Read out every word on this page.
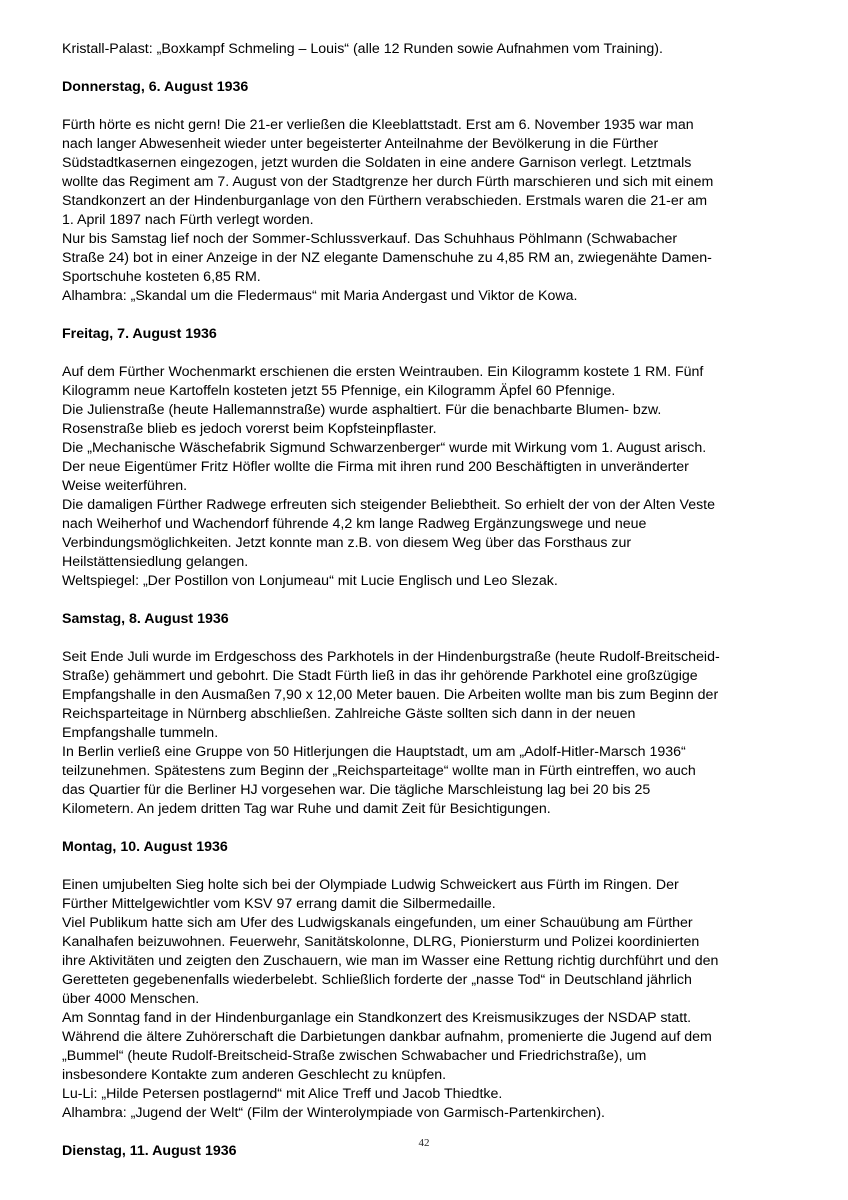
Kristall-Palast: „Boxkampf Schmeling – Louis“ (alle 12 Runden sowie Aufnahmen vom Training).

Donnerstag, 6. August 1936

Fürth hörte es nicht gern! Die 21-er verließen die Kleeblattstadt. Erst am 6. November 1935 war man
nach langer Abwesenheit wieder unter begeisterter Anteilnahme der Bevölkerung in die Fürther
Südstadtkasernen eingezogen, jetzt wurden die Soldaten in eine andere Garnison verlegt. Letztmals
wollte das Regiment am 7. August von der Stadtgrenze her durch Fürth marschieren und sich mit einem
Standkonzert an der Hindenburganlage von den Fürthern verabschieden. Erstmals waren die 21-er am
1. April 1897 nach Fürth verlegt worden.
Nur bis Samstag lief noch der Sommer-Schlussverkauf. Das Schuhhaus Pöhlmann (Schwabacher
Straße 24) bot in einer Anzeige in der NZ elegante Damenschuhe zu 4,85 RM an, zwiegenähte Damen-
Sportschuhe kosteten 6,85 RM.
Alhambra: „Skandal um die Fledermaus“ mit Maria Andergast und Viktor de Kowa.

Freitag, 7. August 1936

Auf dem Fürther Wochenmarkt erschienen die ersten Weintrauben. Ein Kilogramm kostete 1 RM. Fünf
Kilogramm neue Kartoffeln kosteten jetzt 55 Pfennige, ein Kilogramm Äpfel 60 Pfennige.
Die Julienstraße (heute Hallemannstraße) wurde asphaltiert. Für die benachbarte Blumen- bzw.
Rosenstraße blieb es jedoch vorerst beim Kopfsteinpflaster.
Die „Mechanische Wäschefabrik Sigmund Schwarzenberger“ wurde mit Wirkung vom 1. August arisch.
Der neue Eigentümer Fritz Höfler wollte die Firma mit ihren rund 200 Beschäftigten in unveränderter
Weise weiterführen.
Die damaligen Fürther Radwege erfreuten sich steigender Beliebtheit. So erhielt der von der Alten Veste
nach Weiherhof und Wachendorf führende 4,2 km lange Radweg Ergänzungswege und neue
Verbindungsmöglichkeiten. Jetzt konnte man z.B. von diesem Weg über das Forsthaus zur
Heilstättensiedlung gelangen.
Weltspiegel: „Der Postillon von Lonjumeau“ mit Lucie Englisch und Leo Slezak.

Samstag, 8. August 1936

Seit Ende Juli wurde im Erdgeschoss des Parkhotels in der Hindenburgstraße (heute Rudolf-Breitscheid-
Straße) gehämmert und gebohrt. Die Stadt Fürth ließ in das ihr gehörende Parkhotel eine großzügige
Empfangshalle in den Ausmaßen 7,90 x 12,00 Meter bauen. Die Arbeiten wollte man bis zum Beginn der
Reichsparteitage in Nürnberg abschließen. Zahlreiche Gäste sollten sich dann in der neuen
Empfangshalle tummeln.
In Berlin verließ eine Gruppe von 50 Hitlerjungen die Hauptstadt, um am „Adolf-Hitler-Marsch 1936“
teilzunehmen. Spätestens zum Beginn der „Reichsparteitage“ wollte man in Fürth eintreffen, wo auch
das Quartier für die Berliner HJ vorgesehen war. Die tägliche Marschleistung lag bei 20 bis 25
Kilometern. An jedem dritten Tag war Ruhe und damit Zeit für Besichtigungen.

Montag, 10. August 1936

Einen umjubelten Sieg holte sich bei der Olympiade Ludwig Schweickert aus Fürth im Ringen. Der
Fürther Mittelgewichtler vom KSV 97 errang damit die Silbermedaille.
Viel Publikum hatte sich am Ufer des Ludwigskanals eingefunden, um einer Schauübung am Fürther
Kanalhafen beizuwohnen. Feuerwehr, Sanitätskolonne, DLRG, Pioniersturm und Polizei koordinierten
ihre Aktivitäten und zeigten den Zuschauern, wie man im Wasser eine Rettung richtig durchführt und den
Geretteten gegebenenfalls wiederbelebt. Schließlich forderte der „nasse Tod“ in Deutschland jährlich
über 4000 Menschen.
Am Sonntag fand in der Hindenburganlage ein Standkonzert des Kreismusikzuges der NSDAP statt.
Während die ältere Zuhörerschaft die Darbietungen dankbar aufnahm, promenierte die Jugend auf dem
„Bummel“ (heute Rudolf-Breitscheid-Straße zwischen Schwabacher und Friedrichstraße), um
insbesondere Kontakte zum anderen Geschlecht zu knüpfen.
Lu-Li: „Hilde Petersen postlagernd“ mit Alice Treff und Jacob Thiedtke.
Alhambra: „Jugend der Welt“ (Film der Winterolympiade von Garmisch-Partenkirchen).

Dienstag, 11. August 1936	42
